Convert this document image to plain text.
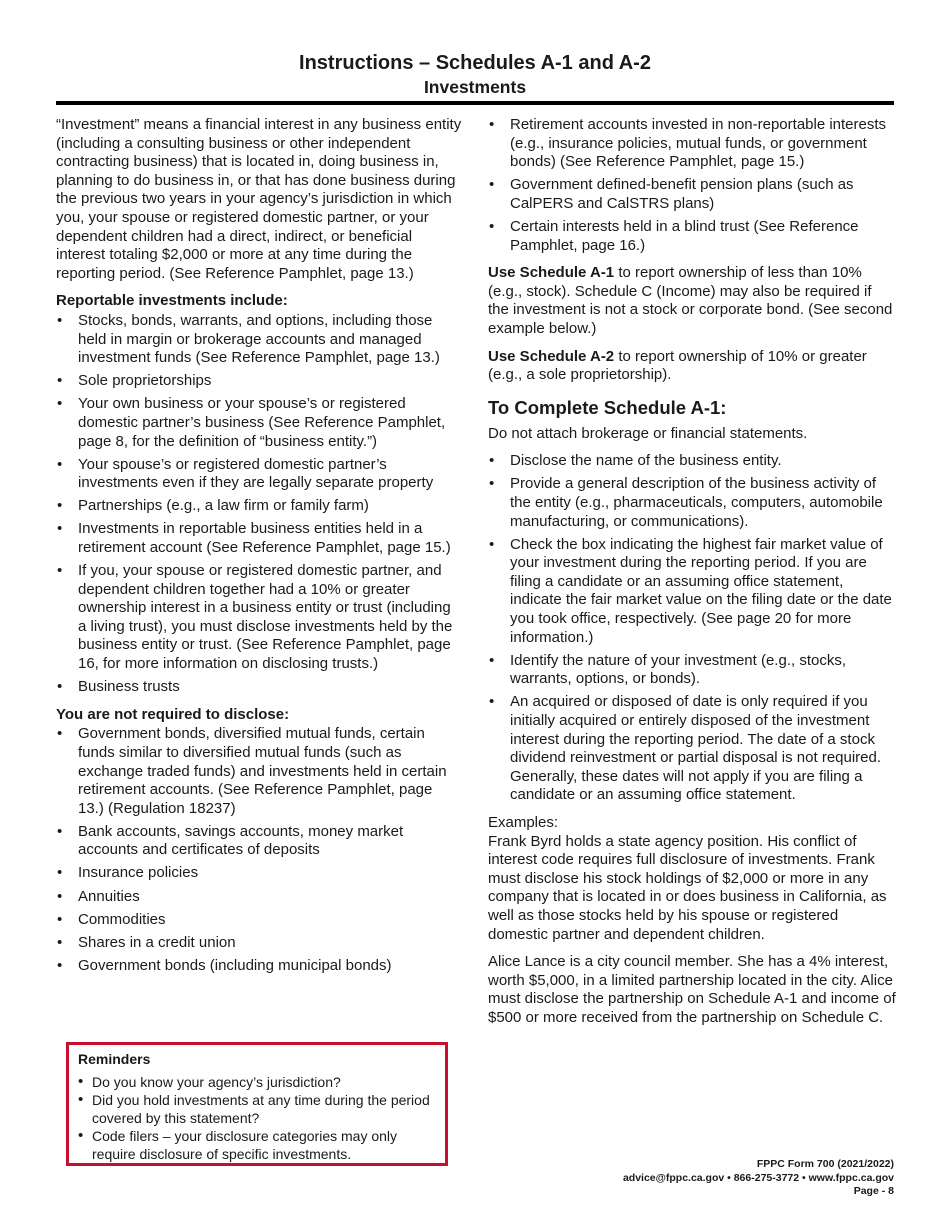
Instructions – Schedules A-1 and A-2
Investments

“Investment” means a financial interest in any business entity (including a consulting business or other independent contracting business) that is located in, doing business in, planning to do business in, or that has done business during the previous two years in your agency’s jurisdiction in which you, your spouse or registered domestic partner, or your dependent children had a direct, indirect, or beneficial interest totaling $2,000 or more at any time during the reporting period. (See Reference Pamphlet, page 13.)

Reportable investments include:
• Stocks, bonds, warrants, and options, including those held in margin or brokerage accounts and managed investment funds (See Reference Pamphlet, page 13.)
• Sole proprietorships
• Your own business or your spouse’s or registered domestic partner’s business (See Reference Pamphlet, page 8, for the definition of “business entity.”)
• Your spouse’s or registered domestic partner’s investments even if they are legally separate property
• Partnerships (e.g., a law firm or family farm)
• Investments in reportable business entities held in a retirement account (See Reference Pamphlet, page 15.)
• If you, your spouse or registered domestic partner, and dependent children together had a 10% or greater ownership interest in a business entity or trust (including a living trust), you must disclose investments held by the business entity or trust. (See Reference Pamphlet, page 16, for more information on disclosing trusts.)
• Business trusts
You are not required to disclose:
• Government bonds, diversified mutual funds, certain funds similar to diversified mutual funds (such as exchange traded funds) and investments held in certain retirement accounts. (See Reference Pamphlet, page 13.) (Regulation 18237)
• Bank accounts, savings accounts, money market accounts and certificates of deposits
• Insurance policies
• Annuities
• Commodities
• Shares in a credit union
• Government bonds (including municipal bonds)
Reminders
• Do you know your agency’s jurisdiction?
• Did you hold investments at any time during the period covered by this statement?
• Code filers – your disclosure categories may only require disclosure of specific investments.
• Retirement accounts invested in non-reportable interests (e.g., insurance policies, mutual funds, or government bonds) (See Reference Pamphlet, page 15.)
• Government defined-benefit pension plans (such as CalPERS and CalSTRS plans)
• Certain interests held in a blind trust (See Reference Pamphlet, page 16.)

Use Schedule A-1 to report ownership of less than 10% (e.g., stock). Schedule C (Income) may also be required if the investment is not a stock or corporate bond. (See second example below.)

Use Schedule A-2 to report ownership of 10% or greater (e.g., a sole proprietorship).

To Complete Schedule A-1:

Do not attach brokerage or financial statements.

• Disclose the name of the business entity.
• Provide a general description of the business activity of the entity (e.g., pharmaceuticals, computers, automobile manufacturing, or communications).
• Check the box indicating the highest fair market value of your investment during the reporting period. If you are filing a candidate or an assuming office statement, indicate the fair market value on the filing date or the date you took office, respectively. (See page 20 for more information.)
• Identify the nature of your investment (e.g., stocks, warrants, options, or bonds).
• An acquired or disposed of date is only required if you initially acquired or entirely disposed of the investment interest during the reporting period. The date of a stock dividend reinvestment or partial disposal is not required. Generally, these dates will not apply if you are filing a candidate or an assuming office statement.

Examples:

Frank Byrd holds a state agency position. His conflict of interest code requires full disclosure of investments. Frank must disclose his stock holdings of $2,000 or more in any company that is located in or does business in California, as well as those stocks held by his spouse or registered domestic partner and dependent children.

Alice Lance is a city council member. She has a 4% interest, worth $5,000, in a limited partnership located in the city. Alice must disclose the partnership on Schedule A-1 and income of $500 or more received from the partnership on Schedule C.

FPPC Form 700 (2021/2022)
advice@fppc.ca.gov • 866-275-3772 • www.fppc.ca.gov
Page - 8
